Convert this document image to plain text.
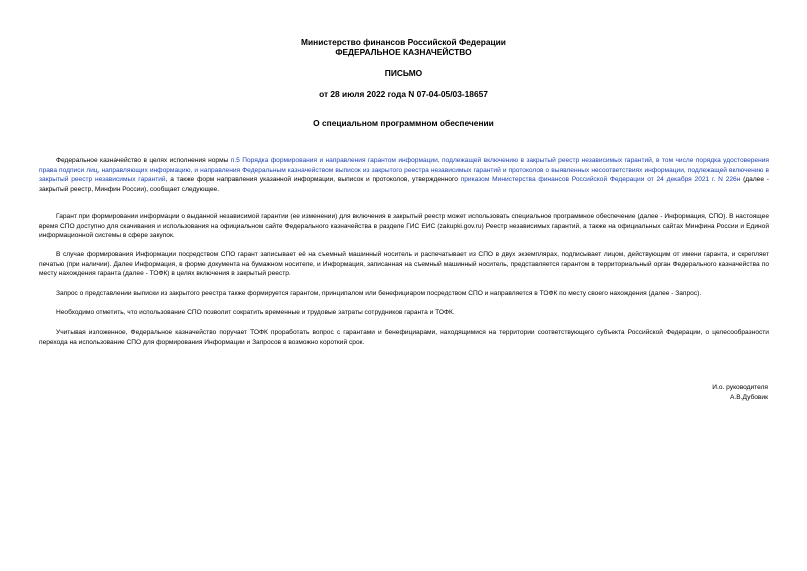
Министерство финансов Российской Федерации
ФЕДЕРАЛЬНОЕ КАЗНАЧЕЙСТВО
ПИСЬМО
от 28 июля 2022 года N 07-04-05/03-18657
О специальном программном обеспечении
Федеральное казначейство в целях исполнения нормы п.5 Порядка формирования и направления гарантом информации, подлежащей включению в закрытый реестр независимых гарантий, в том числе порядка удостоверения права подписи лиц, направляющих информацию, и направления Федеральным казначейством выписок из закрытого реестра независимых гарантий и протоколов о выявленных несоответствиях информации, подлежащей включению в закрытый реестр независимых гарантий, а также форм направления указанной информации, выписок и протоколов, утвержденного приказом Министерства финансов Российской Федерации от 24 декабря 2021 г. N 226н (далее - закрытый реестр, Минфин России), сообщает следующее.
Гарант при формировании информации о выданной независимой гарантии (ее изменении) для включения в закрытый реестр может использовать специальное программное обеспечение (далее - Информация, СПО). В настоящее время СПО доступно для скачивания и использования на официальном сайте Федерального казначейства в разделе ГИС ЕИС (zakupki.gov.ru) Реестр независимых гарантий, а также на официальных сайтах Минфина России и Единой информационной системы в сфере закупок.
В случае формирования Информации посредством СПО гарант записывает её на съемный машинный носитель и распечатывает из СПО в двух экземплярах, подписывает лицом, действующим от имени гаранта, и скрепляет печатью (при наличии). Далее Информация, в форме документа на бумажном носителе, и Информация, записанная на съемный машинный носитель, представляется гарантом в территориальный орган Федерального казначейства по месту нахождения гаранта (далее - ТОФК) в целях включения в закрытый реестр.
Запрос о представлении выписки из закрытого реестра также формируется гарантом, принципалом или бенефициаром посредством СПО и направляется в ТОФК по месту своего нахождения (далее - Запрос).
Необходимо отметить, что использование СПО позволит сократить временные и трудовые затраты сотрудников гаранта и ТОФК.
Учитывая изложенное, Федеральное казначейство поручает ТОФК проработать вопрос с гарантами и бенефициарами, находящимися на территории соответствующего субъекта Российской Федерации, о целесообразности перехода на использование СПО для формирования Информации и Запросов в возможно короткий срок.
И.о. руководителя
А.В.Дубовик
